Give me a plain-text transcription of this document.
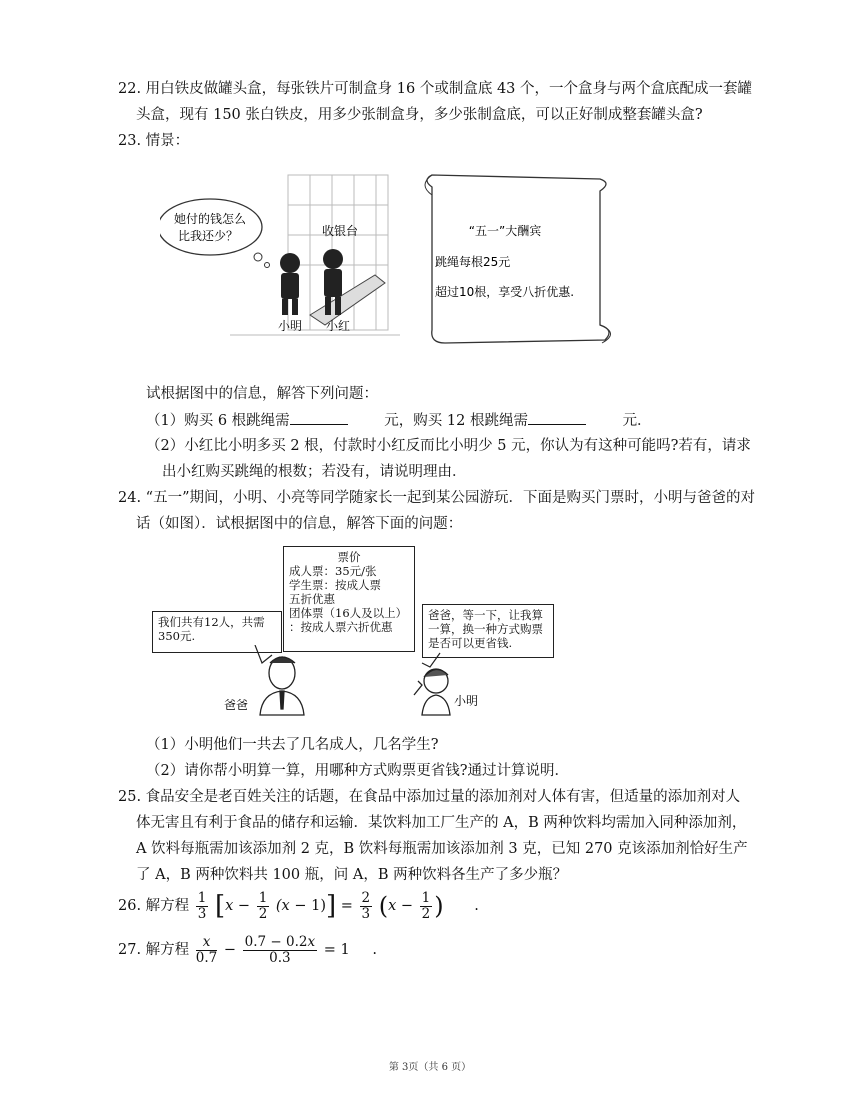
22. 用白铁皮做罐头盒，每张铁片可制盒身 16 个或制盒底 43 个，一个盒身与两个盒底配成一套罐
头盒，现有 150 张白铁皮，用多少张制盒身，多少张制盒底，可以正好制成整套罐头盒?
23. 情景：
她付的钱怎么
比我还少？	收银台
小明 小红
“五一”大酬宾
跳绳每根25元
超过10根，享受八折优惠.
试根据图中的信息，解答下列问题：
（1）购买 6 根跳绳需	元，购买 12 根跳绳需	元．
（2）小红比小明多买 2 根，付款时小红反而比小明少 5 元，你认为有这种可能吗?若有，请求
出小红购买跳绳的根数；若没有，请说明理由．
24. “五一”期间，小明、小亮等同学随家长一起到某公园游玩．下面是购买门票时，小明与爸爸的对
话（如图）．试根据图中的信息，解答下面的问题：
票价
成人票：35元/张
学生票：按成人票
五折优惠
团体票（16人及以上）
：按成人票六折优惠
我们共有12人，共需
350元.
爸爸，等一下，让我算
一算，换一种方式购票
是否可以更省钱.
爸爸	小明
（1）小明他们一共去了几名成人，几名学生?
（2）请你帮小明算一算，用哪种方式购票更省钱?通过计算说明．
25. 食品安全是老百姓关注的话题，在食品中添加过量的添加剂对人体有害，但适量的添加剂对人
体无害且有利于食品的储存和运输．某饮料加工厂生产的 A，B 两种饮料均需加入同种添加剂，
A 饮料每瓶需加该添加剂 2 克，B 饮料每瓶需加该添加剂 3 克，已知 270 克该添加剂恰好生产
了 A，B 两种饮料共 100 瓶，问 A，B 两种饮料各生产了多少瓶？
26. 解方程 $\frac{1}{3} [x - \frac{1}{2} (x - 1)] = \frac{2}{3} (x - \frac{1}{2}$ ) .
27. 解方程 $\frac{x}{0.7} - \frac{0.7 - 0.2x}{0.3} = 1$ .
第 3页（共 6 页）
